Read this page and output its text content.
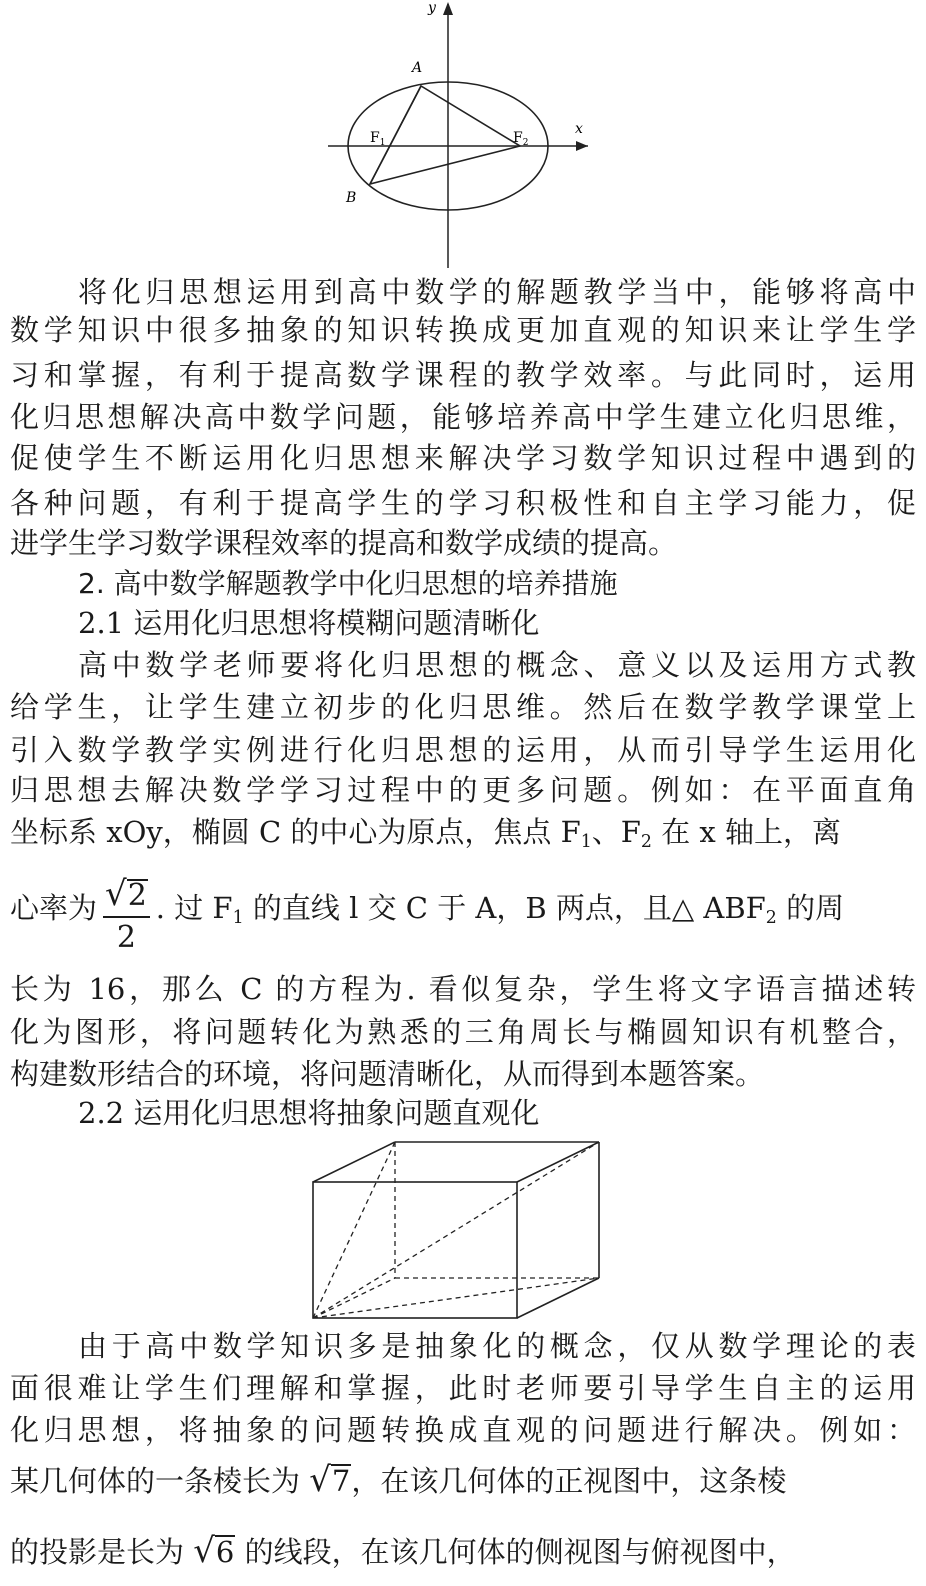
y
x
A
B
$F_1$	$F_2$
将化归思想运用到高中数学的解题教学当中，能够将高中
数学知识中很多抽象的知识转换成更加直观的知识来让学生学
习和掌握，有利于提高数学课程的教学效率。与此同时，运用
化归思想解决高中数学问题，能够培养高中学生建立化归思维，
促使学生不断运用化归思想来解决学习数学知识过程中遇到的
各种问题，有利于提高学生的学习积极性和自主学习能力，促
进学生学习数学课程效率的提高和数学成绩的提高。
2. 高中数学解题教学中化归思想的培养措施
2.1 运用化归思想将模糊问题清晰化
高中数学老师要将化归思想的概念、意义以及运用方式教
给学生，让学生建立初步的化归思维。然后在数学教学课堂上
引入数学教学实例进行化归思想的运用，从而引导学生运用化
归思想去解决数学学习过程中的更多问题。例如：在平面直角
坐标系 xOy，椭圆 C 的中心为原点，焦点 $F_1$、$F_2$ 在 x 轴上，离
心率为 $\frac{√2}{2}$ . 过 $F_1$ 的直线 l 交 C 于 A，B 两点，且△ $ABF_2$ 的周
长为 16，那么 C 的方程为. 看似复杂，学生将文字语言描述转
化为图形，将问题转化为熟悉的三角周长与椭圆知识有机整合，
构建数形结合的环境，将问题清晰化，从而得到本题答案。
2.2 运用化归思想将抽象问题直观化
由于高中数学知识多是抽象化的概念，仅从数学理论的表
面很难让学生们理解和掌握，此时老师要引导学生自主的运用
化归思想，将抽象的问题转换成直观的问题进行解决。例如：
某几何体的一条棱长为 √7，在该几何体的正视图中，这条棱
的投影是长为 √6 的线段，在该几何体的侧视图与俯视图中，
